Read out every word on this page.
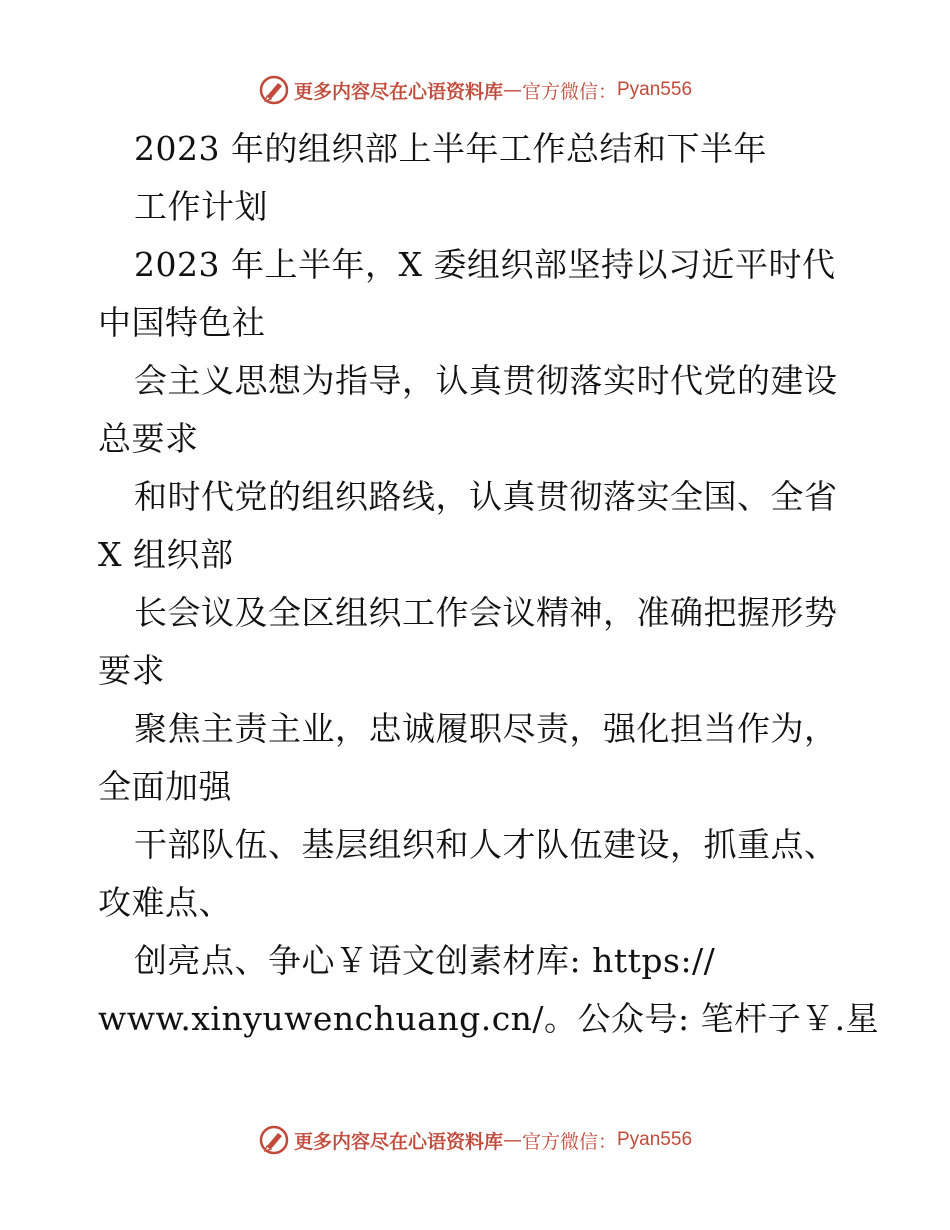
更多内容尽在心语资料库 — 官方微信： Pyan556
2023 年的组织部上半年工作总结和下半年
工作计划
2023 年上半年，X 委组织部坚持以习近平时代
中国特色社
会主义思想为指导，认真贯彻落实时代党的建设
总要求
和时代党的组织路线，认真贯彻落实全国、全省
X 组织部
长会议及全区组织工作会议精神，准确把握形势
要求
聚焦主责主业，忠诚履职尽责，强化担当作为，
全面加强
干部队伍、基层组织和人才队伍建设，抓重点、
攻难点、
创亮点、争心￥语文创素材库: https://
www.xinyuwenchuang.cn/。公众号: 笔杆子￥.星
更多内容尽在心语资料库 — 官方微信： Pyan556
